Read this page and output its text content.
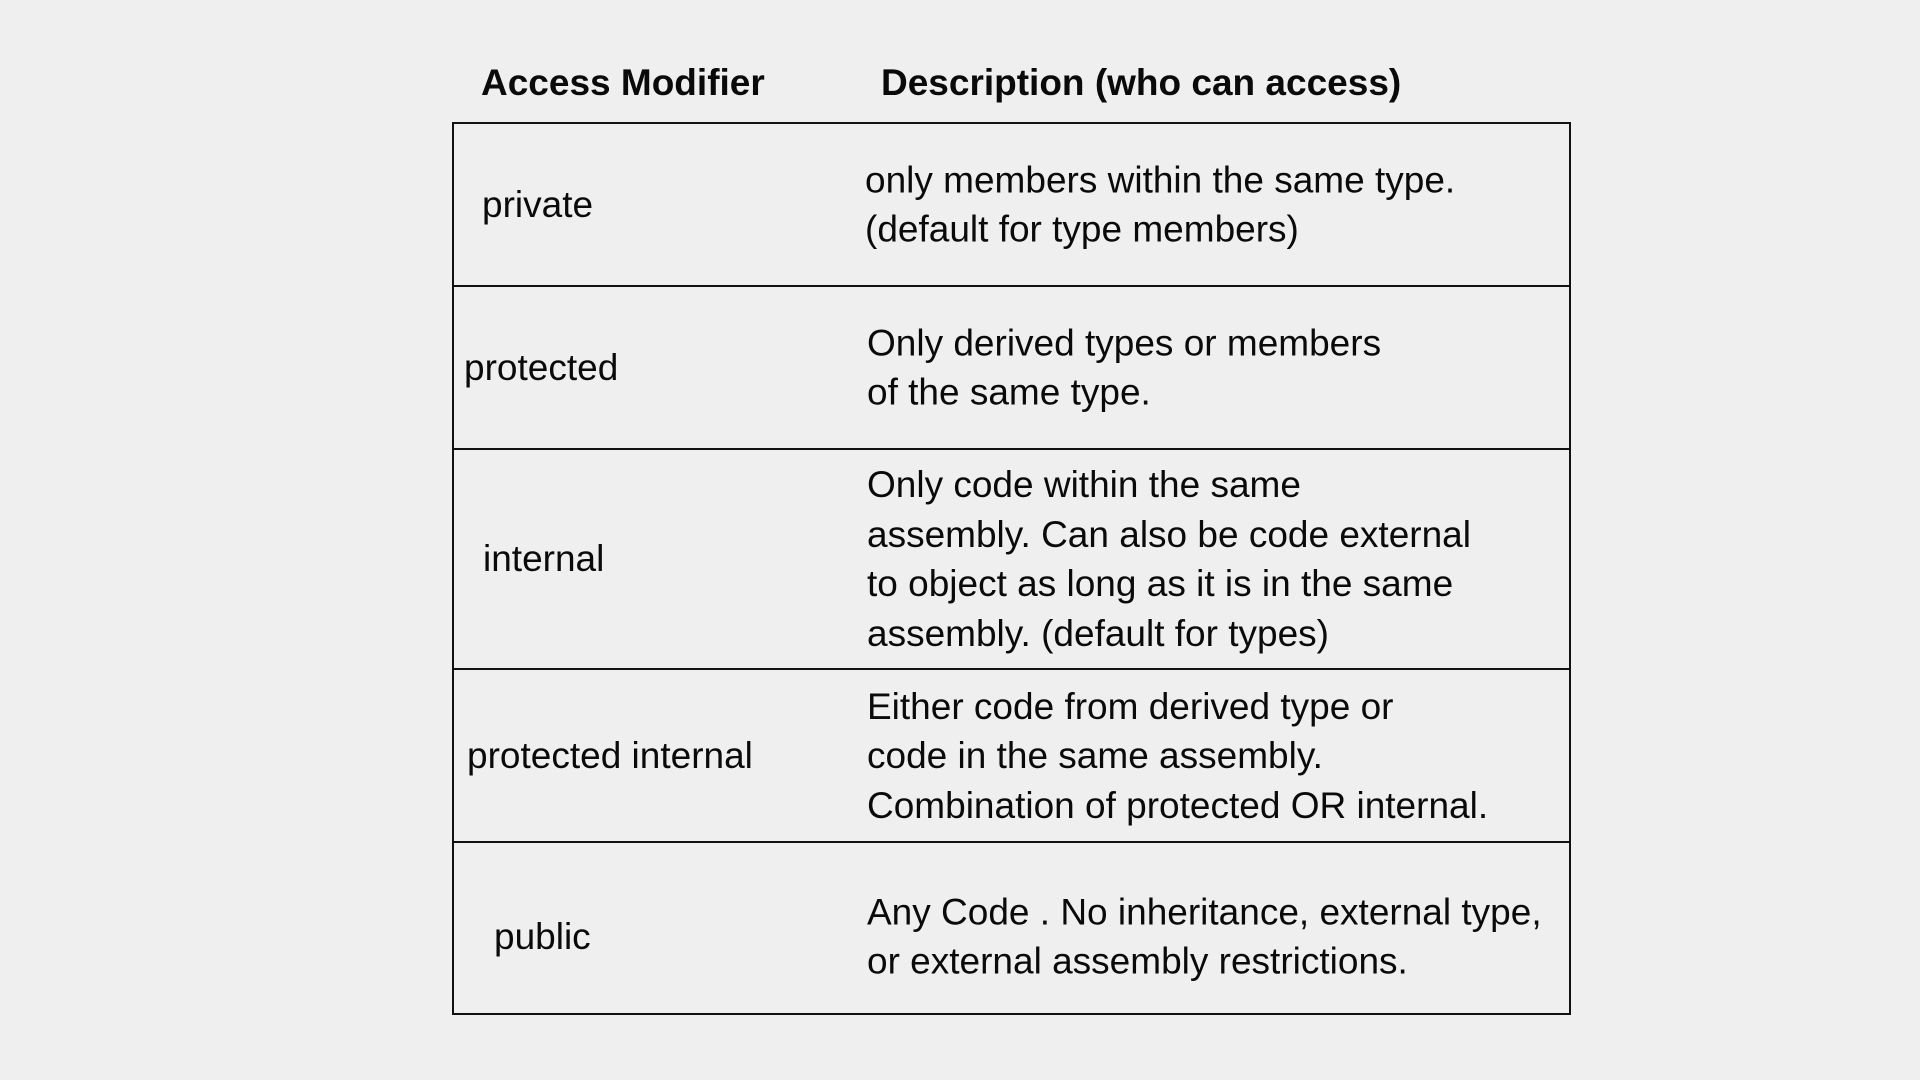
Access Modifier	Description (who can access)
private
only members within the same type.
(default for type members)
protected
Only derived types or members
of the same type.
internal
Only code within the same
assembly. Can also be code external
to object as long as it is in the same
assembly. (default for types)
protected internal
Either code from derived type or
code in the same assembly.
Combination of protected OR internal.
public
Any Code . No inheritance, external type,
or external assembly restrictions.
